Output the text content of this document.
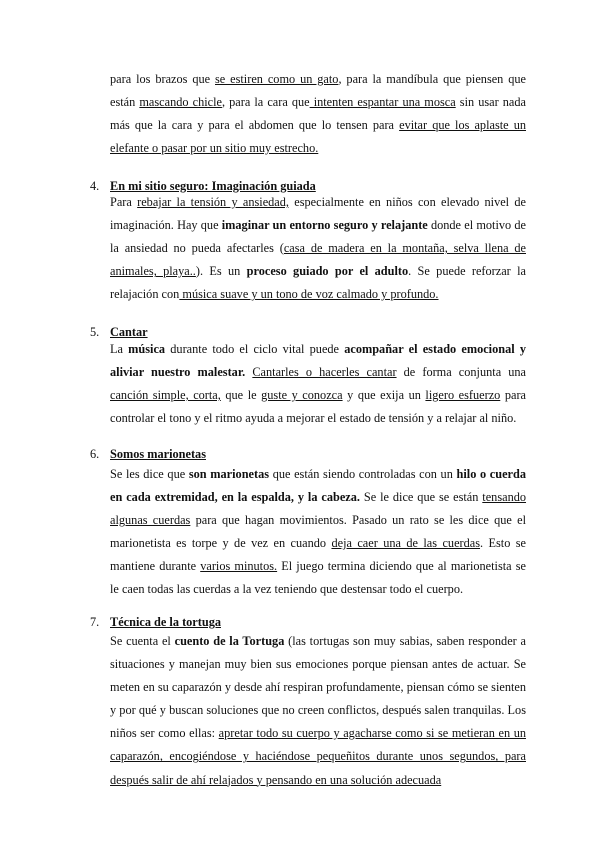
para los brazos que se estiren como un gato, para la mandíbula que piensen que están mascando chicle, para la cara que intenten espantar una mosca sin usar nada más que la cara y para el abdomen que lo tensen para evitar que los aplaste un elefante o pasar por un sitio muy estrecho.

4. En mi sitio seguro: Imaginación guiada

Para rebajar la tensión y ansiedad, especialmente en niños con elevado nivel de imaginación. Hay que imaginar un entorno seguro y relajante donde el motivo de la ansiedad no pueda afectarles (casa de madera en la montaña, selva llena de animales, playa..). Es un proceso guiado por el adulto. Se puede reforzar la relajación con música suave y un tono de voz calmado y profundo.

5. Cantar

La música durante todo el ciclo vital puede acompañar el estado emocional y aliviar nuestro malestar. Cantarles o hacerles cantar de forma conjunta una canción simple, corta, que le guste y conozca y que exija un ligero esfuerzo para controlar el tono y el ritmo ayuda a mejorar el estado de tensión y a relajar al niño.

6. Somos marionetas

Se les dice que son marionetas que están siendo controladas con un hilo o cuerda en cada extremidad, en la espalda, y la cabeza. Se le dice que se están tensando algunas cuerdas para que hagan movimientos. Pasado un rato se les dice que el marionetista es torpe y de vez en cuando deja caer una de las cuerdas. Esto se mantiene durante varios minutos. El juego termina diciendo que al marionetista se le caen todas las cuerdas a la vez teniendo que destensar todo el cuerpo.

7. Técnica de la tortuga

Se cuenta el cuento de la Tortuga (las tortugas son muy sabias, saben responder a situaciones y manejan muy bien sus emociones porque piensan antes de actuar. Se meten en su caparazón y desde ahí respiran profundamente, piensan cómo se sienten y por qué y buscan soluciones que no creen conflictos, después salen tranquilas. Los niños ser como ellas: apretar todo su cuerpo y agacharse como si se metieran en un caparazón, encogiéndose y haciéndose pequeñitos durante unos segundos, para después salir de ahí relajados y pensando en una solución adecuada
